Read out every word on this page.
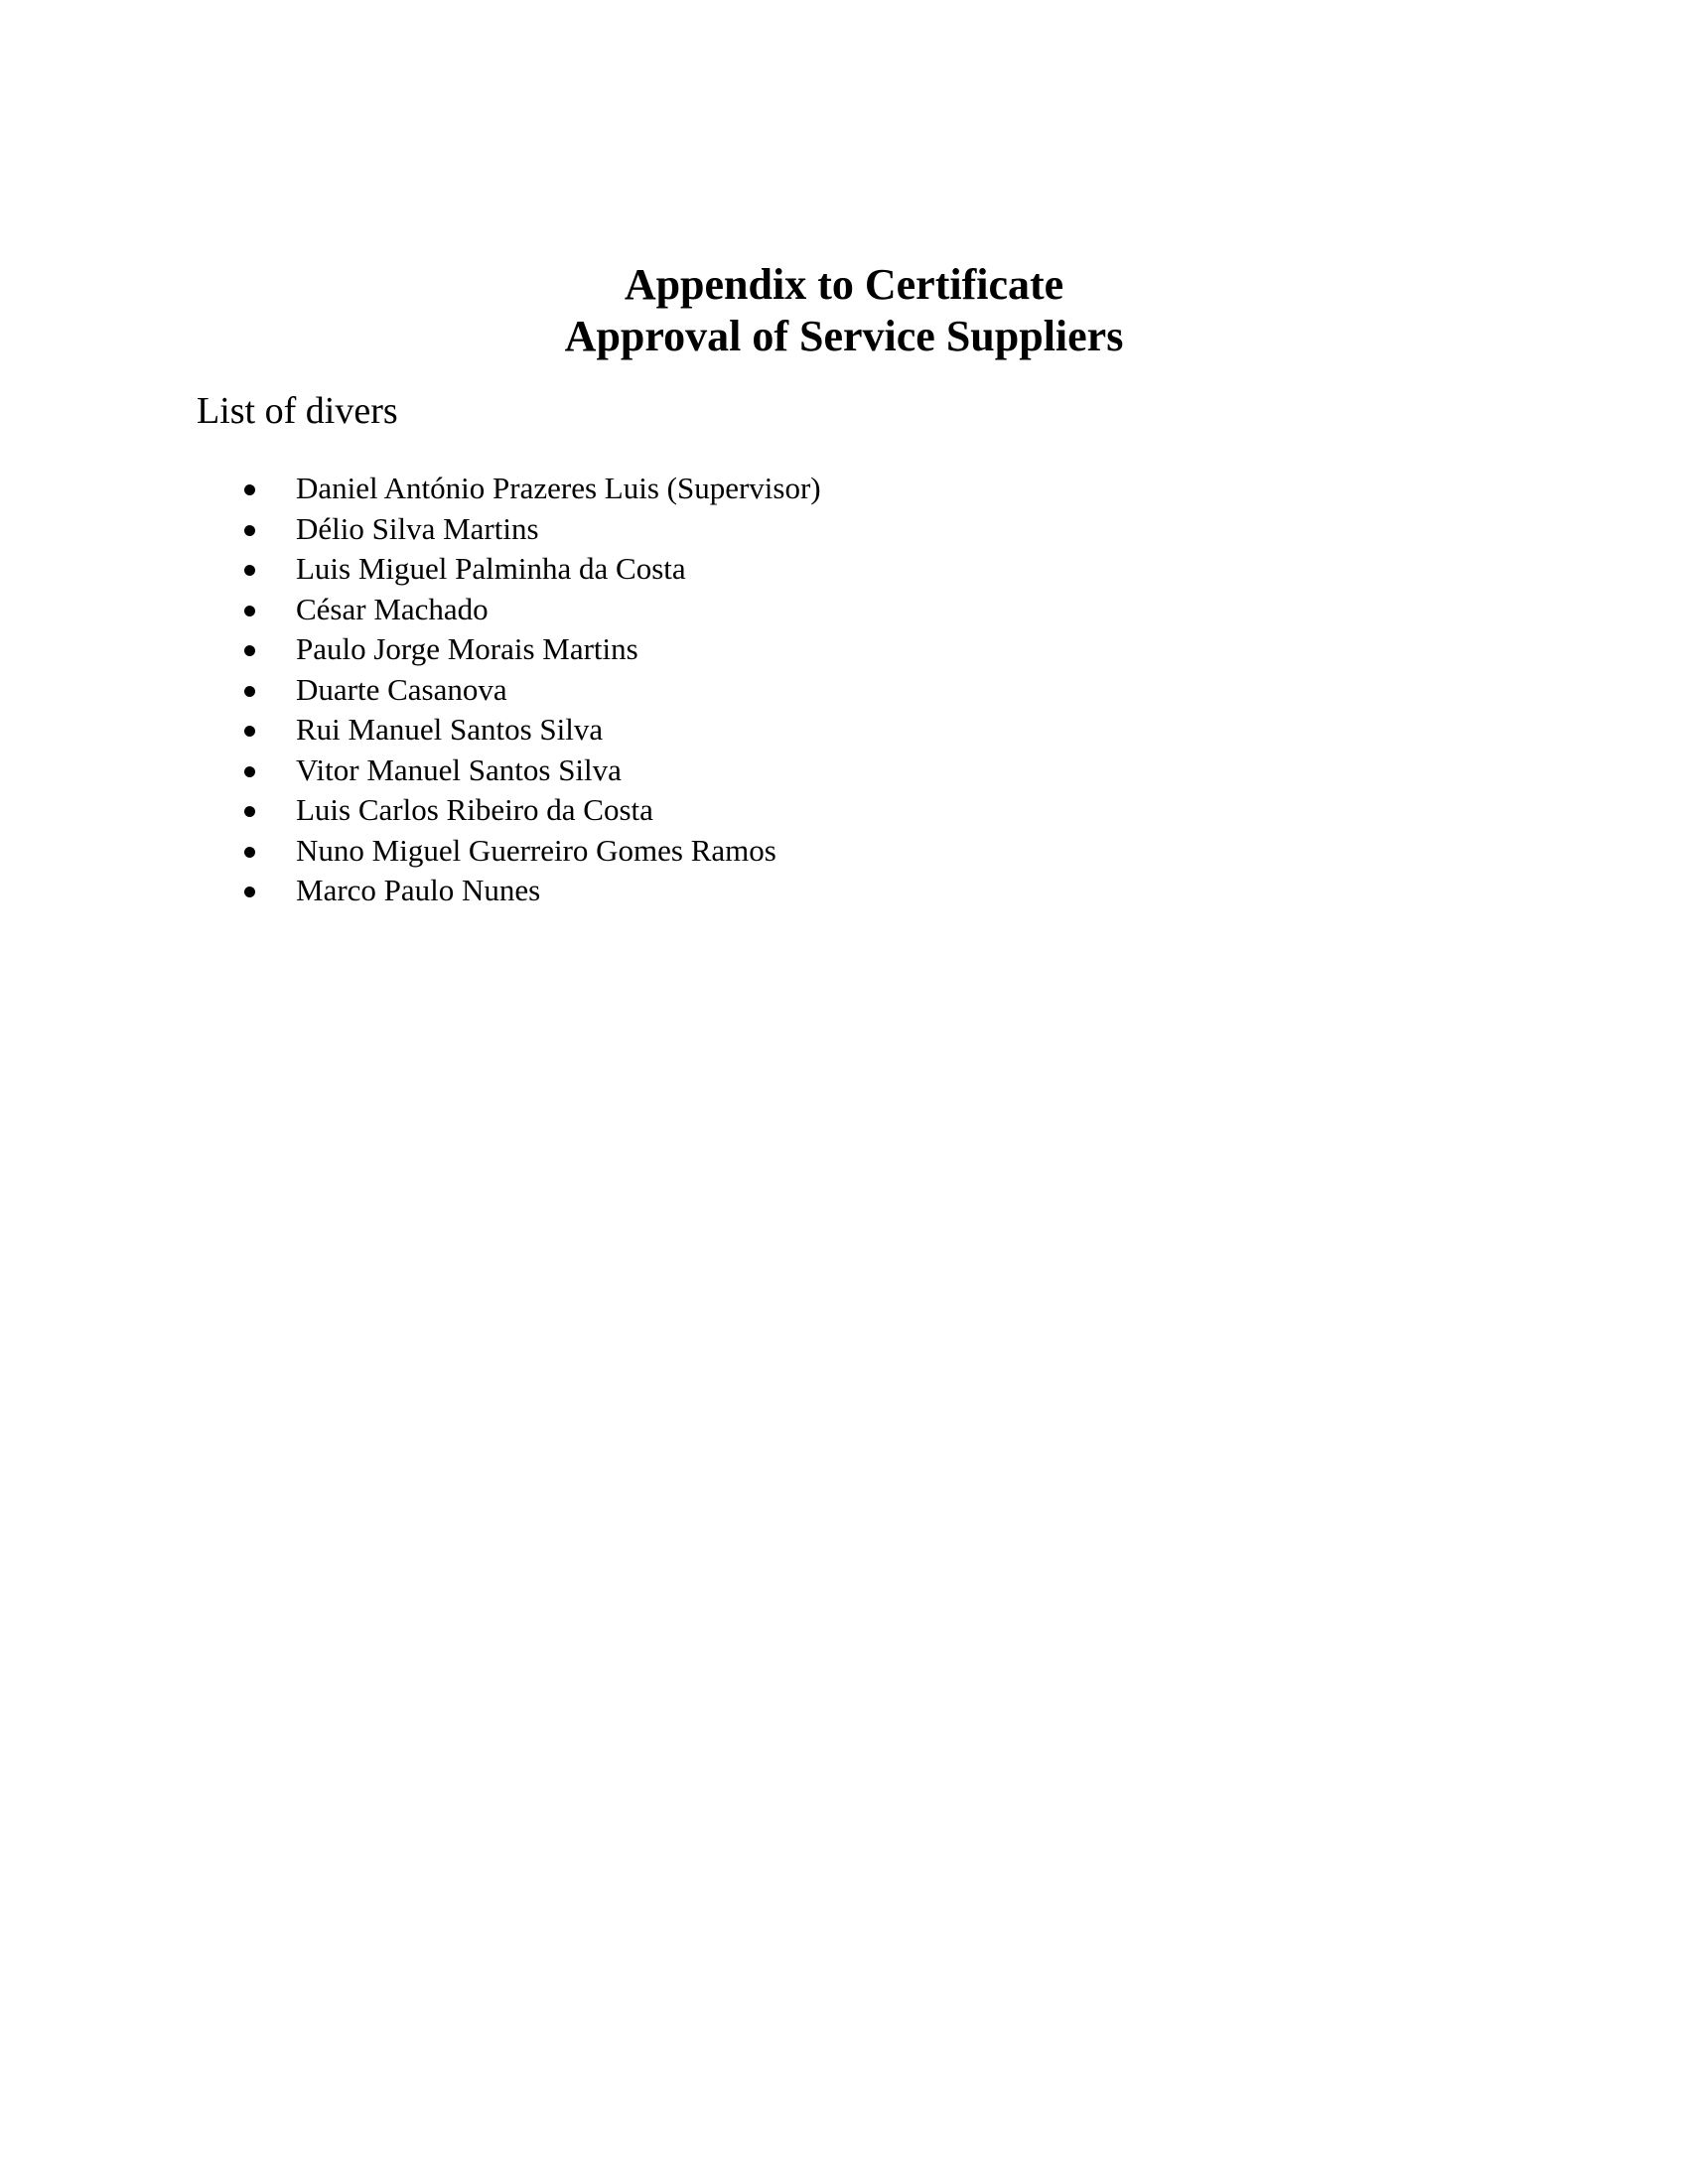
Appendix to Certificate
Approval of Service Suppliers
List of divers
Daniel António Prazeres Luis (Supervisor)
Délio Silva Martins
Luis Miguel Palminha da Costa
César Machado
Paulo Jorge Morais Martins
Duarte Casanova
Rui Manuel Santos Silva
Vitor Manuel Santos Silva
Luis Carlos Ribeiro da Costa
Nuno Miguel Guerreiro Gomes Ramos
Marco Paulo Nunes
